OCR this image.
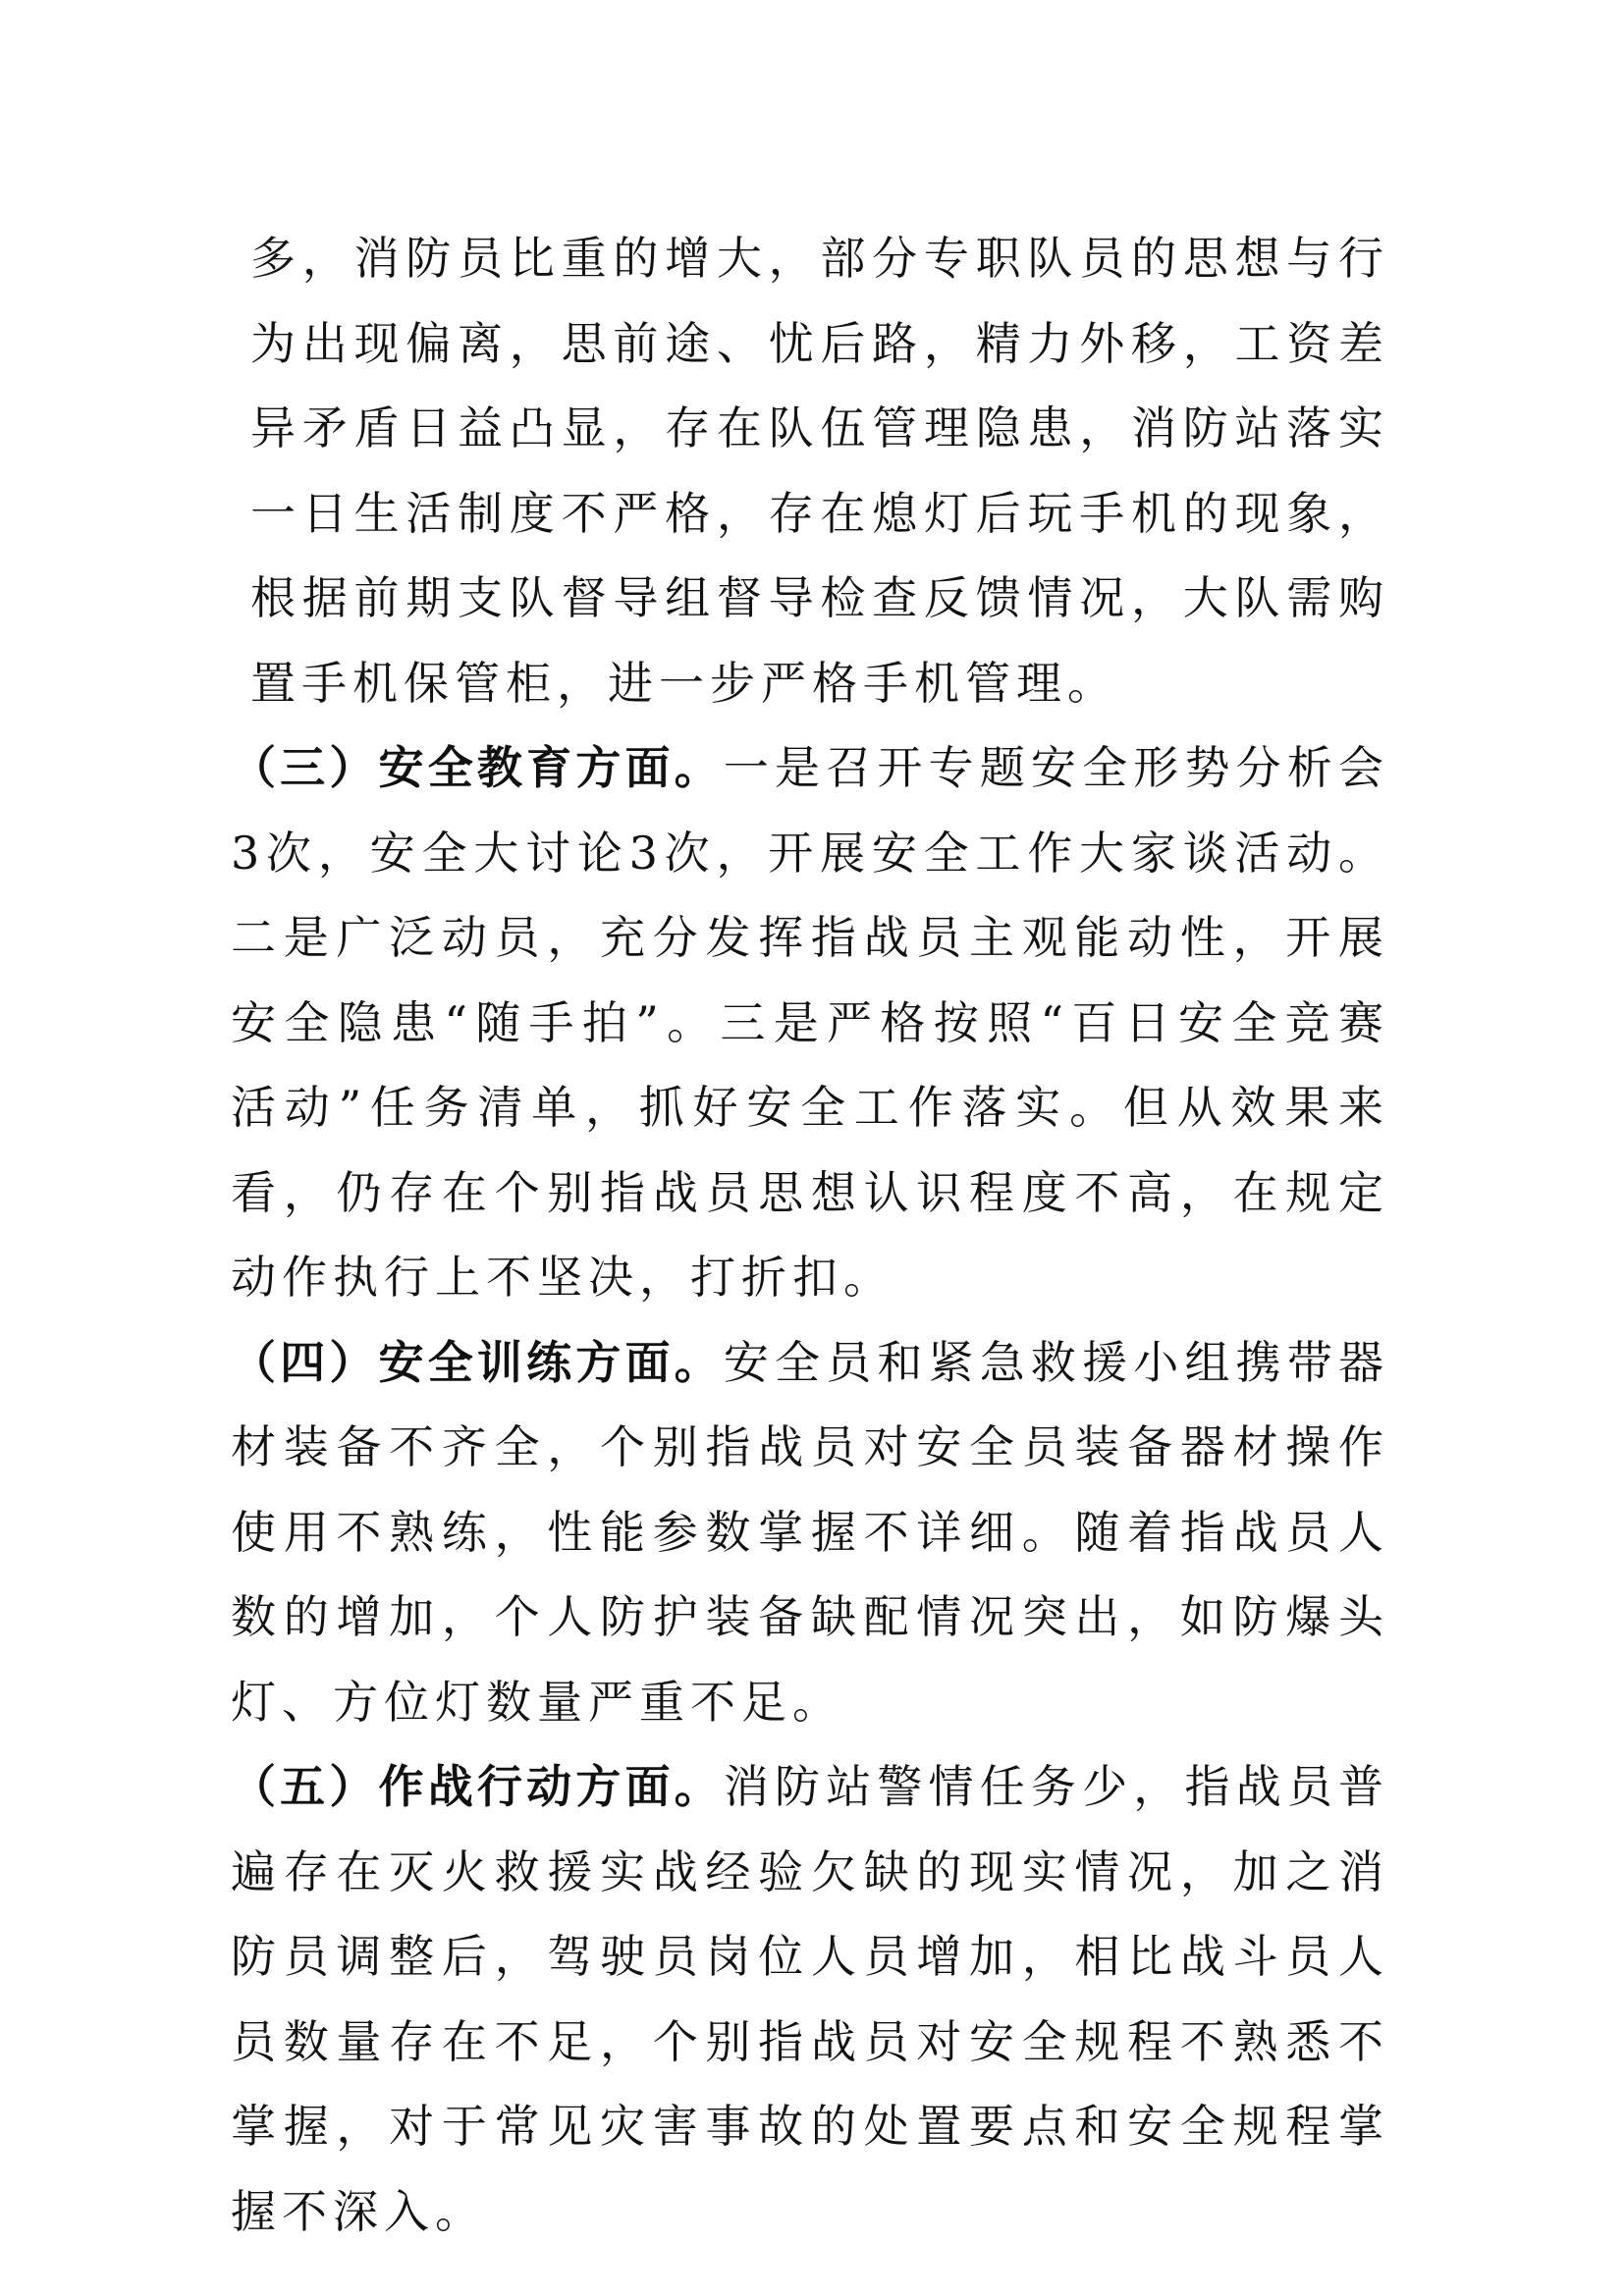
多，消防员比重的增大，部分专职队员的思想与行为出现偏离，思前途、忧后路，精力外移，工资差异矛盾日益凸显，存在队伍管理隐患，消防站落实一日生活制度不严格，存在熄灯后玩手机的现象，根据前期支队督导组督导检查反馈情况，大队需购置手机保管柜，进一步严格手机管理。

（三）安全教育方面。一是召开专题安全形势分析会3次，安全大讨论3次，开展安全工作大家谈活动。二是广泛动员，充分发挥指战员主观能动性，开展安全隐患“随手拍”。三是严格按照“百日安全竞赛活动”任务清单，抓好安全工作落实。但从效果来看，仍存在个别指战员思想认识程度不高，在规定动作执行上不坚决，打折扣。

（四）安全训练方面。安全员和紧急救援小组携带器材装备不齐全，个别指战员对安全员装备器材操作使用不熟练，性能参数掌握不详细。随着指战员人数的增加，个人防护装备缺配情况突出，如防爆头灯、方位灯数量严重不足。

（五）作战行动方面。消防站警情任务少，指战员普遍存在灭火救援实战经验欠缺的现实情况，加之消防员调整后，驾驶员岗位人员增加，相比战斗员人员数量存在不足，个别指战员对安全规程不熟悉不掌握，对于常见灾害事故的处置要点和安全规程掌握不深入。
